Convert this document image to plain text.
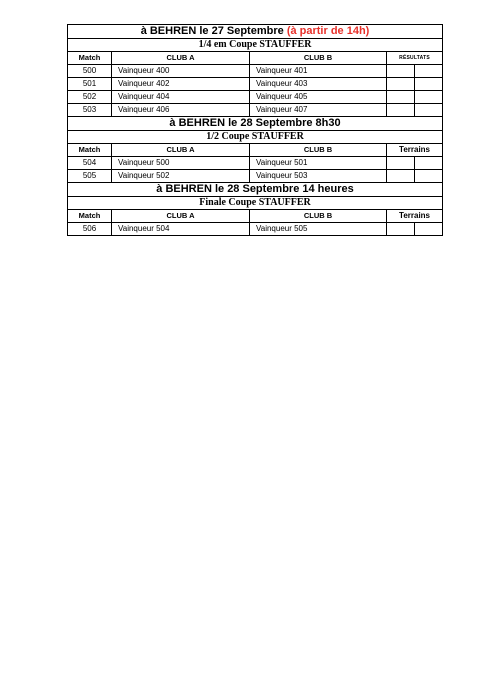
à BEHREN le 27 Septembre (à partir de 14h)				
1/4 em Coupe STAUFFER				
Match	CLUB A	CLUB B	RÉSULTATS	
500	Vainqueur 400	Vainqueur 401		
501	Vainqueur 402	Vainqueur 403		
502	Vainqueur 404	Vainqueur 405		
503	Vainqueur 406	Vainqueur 407		
à BEHREN le 28 Septembre 8h30				
1/2 Coupe STAUFFER				
Match	CLUB A	CLUB B	Terrains	
504	Vainqueur 500	Vainqueur 501		
505	Vainqueur 502	Vainqueur 503		
à BEHREN le 28 Septembre 14 heures				
Finale Coupe STAUFFER				
Match	CLUB A	CLUB B	Terrains	
506	Vainqueur 504	Vainqueur 505		
